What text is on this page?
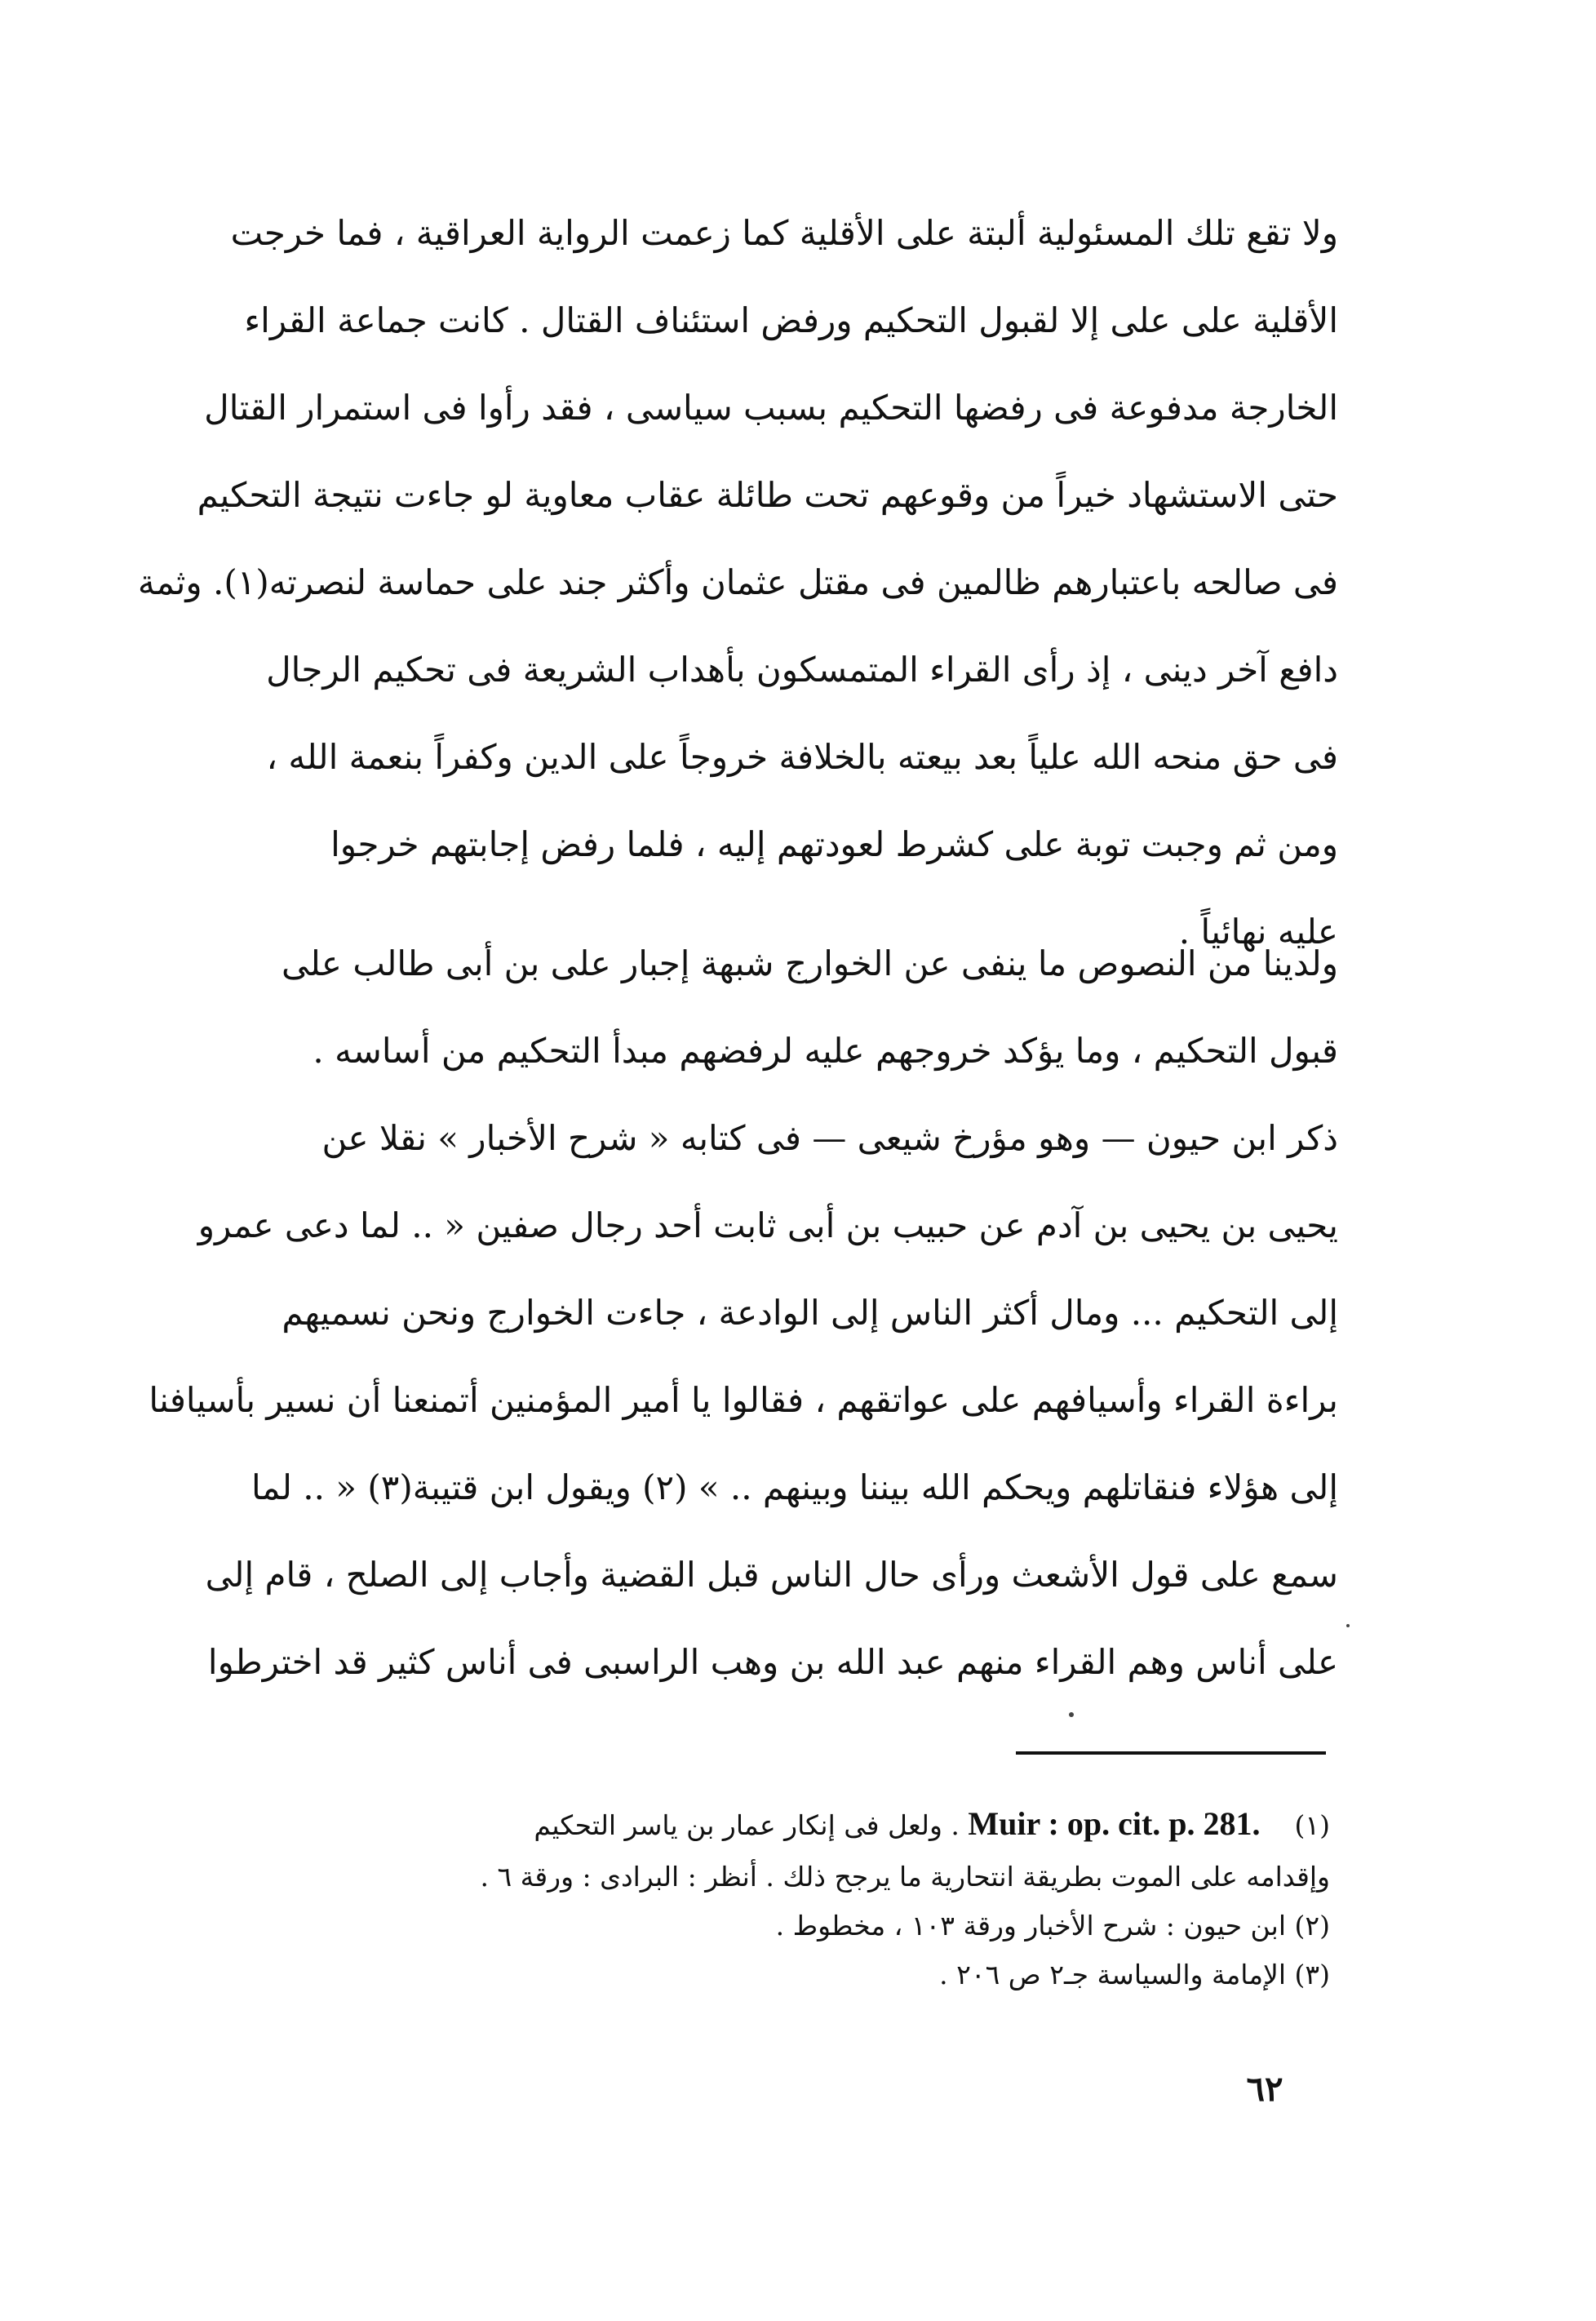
ولا تقع تلك المسئولية ألبتة على الأقلية كما زعمت الرواية العراقية ، فما خرجت
الأقلية على على إلا لقبول التحكيم ورفض استئناف القتال . كانت جماعة القراء
الخارجة مدفوعة فى رفضها التحكيم بسبب سياسى ، فقد رأوا فى استمرار القتال
حتى الاستشهاد خيراً من وقوعهم تحت طائلة عقاب معاوية لو جاءت نتيجة التحكيم
فى صالحه باعتبارهم ظالمين فى مقتل عثمان وأكثر جند على حماسة لنصرته(١). وثمة
دافع آخر دينى ، إذ رأى القراء المتمسكون بأهداب الشريعة فى تحكيم الرجال
فى حق منحه الله علياً بعد بيعته بالخلافة خروجاً على الدين وكفراً بنعمة الله ،
ومن ثم وجبت توبة على كشرط لعودتهم إليه ، فلما رفض إجابتهم خرجوا
عليه نهائياً .
ولدينا من النصوص ما ينفى عن الخوارج شبهة إجبار على بن أبى طالب على
قبول التحكيم ، وما يؤكد خروجهم عليه لرفضهم مبدأ التحكيم من أساسه .
ذكر ابن حيون — وهو مؤرخ شيعى — فى كتابه « شرح الأخبار » نقلا عن
يحيى بن يحيى بن آدم عن حبيب بن أبى ثابت أحد رجال صفين « .. لما دعى عمرو
إلى التحكيم ... ومال أكثر الناس إلى الوادعة ، جاءت الخوارج ونحن نسميهم
براءة القراء وأسيافهم على عواتقهم ، فقالوا يا أمير المؤمنين أتمنعنا أن نسير بأسيافنا
إلى هؤلاء فنقاتلهم ويحكم الله بيننا وبينهم .. » (٢) ويقول ابن قتيبة(٣) « .. لما
سمع على قول الأشعث ورأى حال الناس قبل القضية وأجاب إلى الصلح ، قام إلى
على أناس وهم القراء منهم عبد الله بن وهب الراسبى فى أناس كثير قد اخترطوا
(١)    Muir : op. cit. p. 281. . ولعل فى إنكار عمار بن ياسر التحكيم
وإقدامه على الموت بطريقة انتحارية ما يرجح ذلك . أنظر : البرادى : ورقة ٦ .
(٢) ابن حيون : شرح الأخبار ورقة ١٠٣ ، مخطوط .
(٣) الإمامة والسياسة جـ٢ ص ٢٠٦ .
٦٢
